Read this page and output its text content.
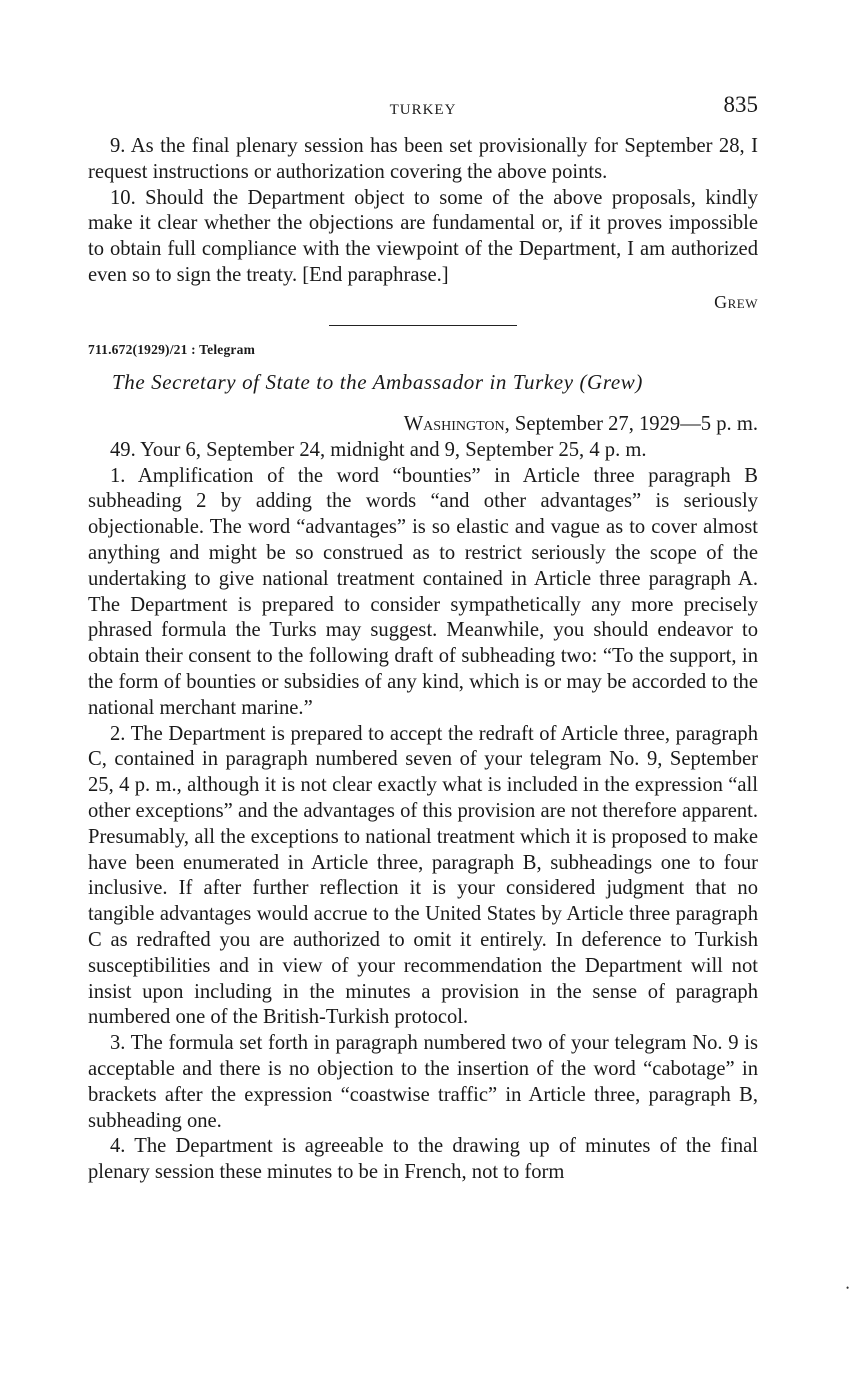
TURKEY	835

9. As the final plenary session has been set provisionally for September 28, I request instructions or authorization covering the above points.

10. Should the Department object to some of the above proposals, kindly make it clear whether the objections are fundamental or, if it proves impossible to obtain full compliance with the viewpoint of the Department, I am authorized even so to sign the treaty. [End paraphrase.]

Grew
711.672(1929)/21 : Telegram
The Secretary of State to the Ambassador in Turkey (Grew)
Washington, September 27, 1929—5 p. m.

49. Your 6, September 24, midnight and 9, September 25, 4 p. m.

1. Amplification of the word “bounties” in Article three paragraph B subheading 2 by adding the words “and other advantages” is seriously objectionable. The word “advantages” is so elastic and vague as to cover almost anything and might be so construed as to restrict seriously the scope of the undertaking to give national treatment contained in Article three paragraph A. The Department is prepared to consider sympathetically any more precisely phrased formula the Turks may suggest. Meanwhile, you should endeavor to obtain their consent to the following draft of subheading two: “To the support, in the form of bounties or subsidies of any kind, which is or may be accorded to the national merchant marine.”

2. The Department is prepared to accept the redraft of Article three, paragraph C, contained in paragraph numbered seven of your telegram No. 9, September 25, 4 p. m., although it is not clear exactly what is included in the expression “all other exceptions” and the advantages of this provision are not therefore apparent. Presumably, all the exceptions to national treatment which it is proposed to make have been enumerated in Article three, paragraph B, subheadings one to four inclusive. If after further reflection it is your considered judgment that no tangible advantages would accrue to the United States by Article three paragraph C as redrafted you are authorized to omit it entirely. In deference to Turkish susceptibilities and in view of your recommendation the Department will not insist upon including in the minutes a provision in the sense of paragraph numbered one of the British-Turkish protocol.

3. The formula set forth in paragraph numbered two of your telegram No. 9 is acceptable and there is no objection to the insertion of the word “cabotage” in brackets after the expression “coastwise traffic” in Article three, paragraph B, subheading one.

4. The Department is agreeable to the drawing up of minutes of the final plenary session these minutes to be in French, not to form

•
